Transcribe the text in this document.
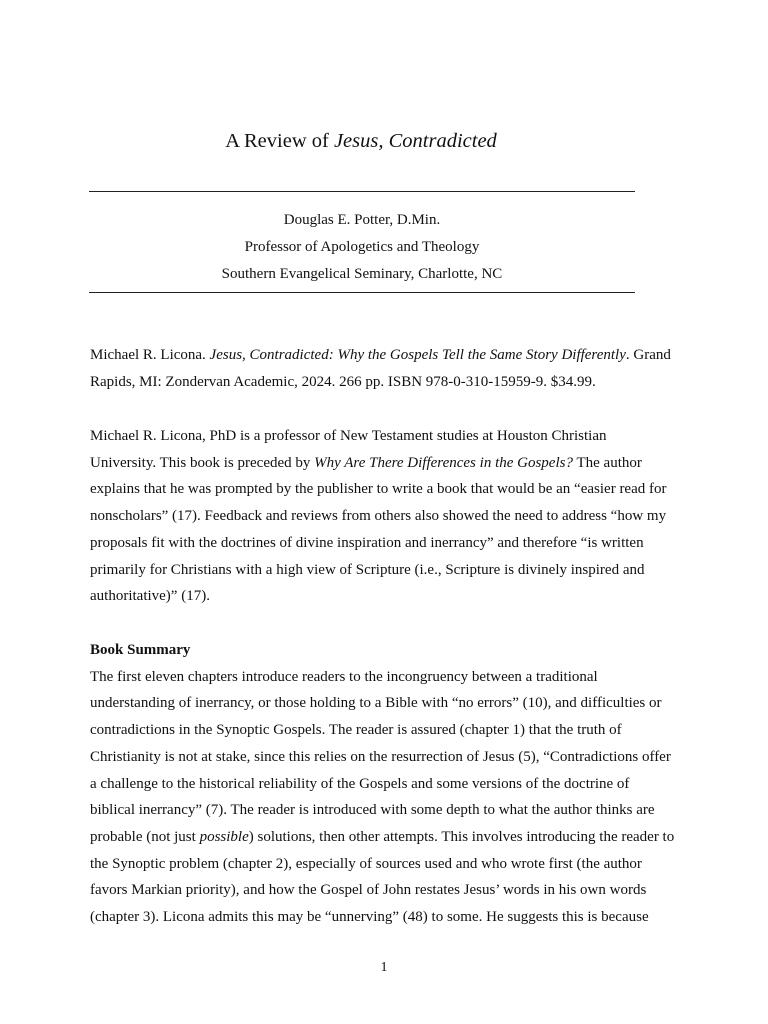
A Review of Jesus, Contradicted
Douglas E. Potter, D.Min.
Professor of Apologetics and Theology
Southern Evangelical Seminary, Charlotte, NC
Michael R. Licona. Jesus, Contradicted: Why the Gospels Tell the Same Story Differently. Grand
Rapids, MI: Zondervan Academic, 2024. 266 pp. ISBN 978-0-310-15959-9. $34.99.
Michael R. Licona, PhD is a professor of New Testament studies at Houston Christian
University. This book is preceded by Why Are There Differences in the Gospels? The author
explains that he was prompted by the publisher to write a book that would be an “easier read for
nonscholars” (17). Feedback and reviews from others also showed the need to address “how my
proposals fit with the doctrines of divine inspiration and inerrancy” and therefore “is written
primarily for Christians with a high view of Scripture (i.e., Scripture is divinely inspired and
authoritative)” (17).
Book Summary
The first eleven chapters introduce readers to the incongruency between a traditional
understanding of inerrancy, or those holding to a Bible with “no errors” (10), and difficulties or
contradictions in the Synoptic Gospels. The reader is assured (chapter 1) that the truth of
Christianity is not at stake, since this relies on the resurrection of Jesus (5), “Contradictions offer
a challenge to the historical reliability of the Gospels and some versions of the doctrine of
biblical inerrancy” (7). The reader is introduced with some depth to what the author thinks are
probable (not just possible) solutions, then other attempts. This involves introducing the reader to
the Synoptic problem (chapter 2), especially of sources used and who wrote first (the author
favors Markian priority), and how the Gospel of John restates Jesus’ words in his own words
(chapter 3). Licona admits this may be “unnerving” (48) to some. He suggests this is because
1
